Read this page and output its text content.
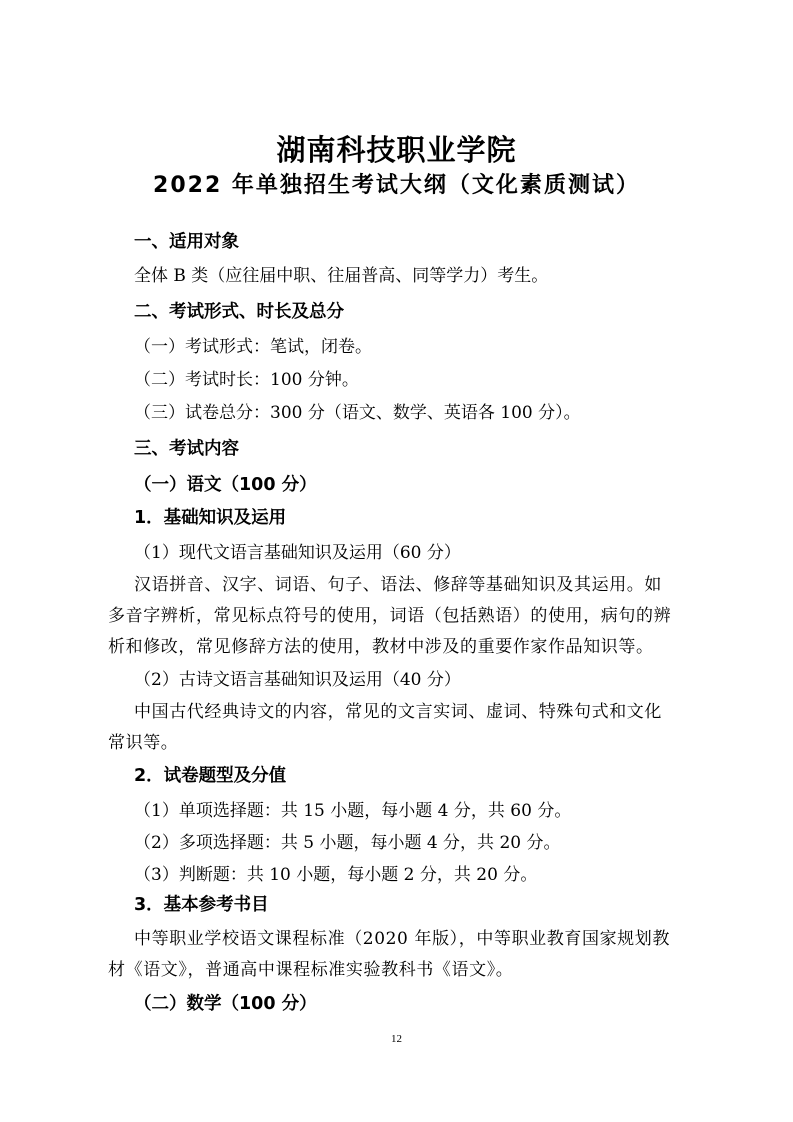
湖南科技职业学院
2022 年单独招生考试大纲（文化素质测试）
一、适用对象
全体 B 类（应往届中职、往届普高、同等学力）考生。
二、考试形式、时长及总分
（一）考试形式：笔试，闭卷。
（二）考试时长：100 分钟。
（三）试卷总分：300 分（语文、数学、英语各 100 分）。
三、考试内容
（一）语文（100 分）
1．基础知识及运用
（1）现代文语言基础知识及运用（60 分）
汉语拼音、汉字、词语、句子、语法、修辞等基础知识及其运用。如
多音字辨析，常见标点符号的使用，词语（包括熟语）的使用，病句的辨
析和修改，常见修辞方法的使用，教材中涉及的重要作家作品知识等。
（2）古诗文语言基础知识及运用（40 分）
中国古代经典诗文的内容，常见的文言实词、虚词、特殊句式和文化
常识等。
2．试卷题型及分值
（1）单项选择题：共 15 小题，每小题 4 分，共 60 分。
（2）多项选择题：共 5 小题，每小题 4 分，共 20 分。
（3）判断题：共 10 小题，每小题 2 分，共 20 分。
3．基本参考书目
中等职业学校语文课程标准（2020 年版），中等职业教育国家规划教
材《语文》，普通高中课程标准实验教科书《语文》。
（二）数学（100 分）
12
